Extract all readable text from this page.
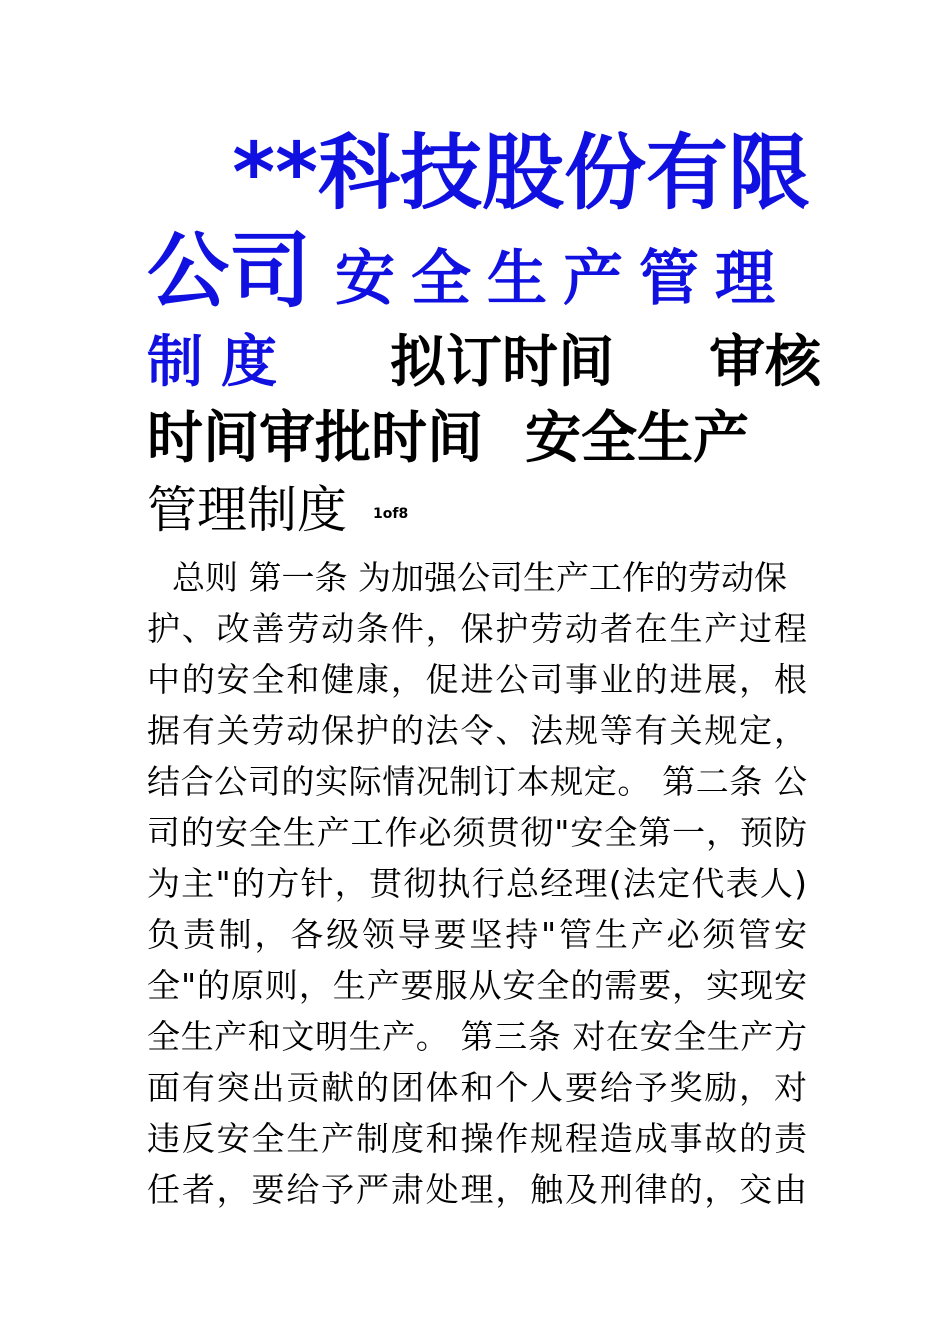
**科技股份有限
公司 安全生产管理
制度 拟订时间 审核
时间审批时间 安全生产
管理制度 1of8
总则 第一条 为加强公司生产工作的劳动保
护、改善劳动条件，保护劳动者在生产过程
中的安全和健康，促进公司事业的进展，根
据有关劳动保护的法令、法规等有关规定，
结合公司的实际情况制订本规定。 第二条 公
司的安全生产工作必须贯彻"安全第一，预防
为主"的方针，贯彻执行总经理(法定代表人)
负责制，各级领导要坚持"管生产必须管安
全"的原则，生产要服从安全的需要，实现安
全生产和文明生产。 第三条 对在安全生产方
面有突出贡献的团体和个人要给予奖励，对
违反安全生产制度和操作规程造成事故的责
任者，要给予严肃处理，触及刑律的，交由
